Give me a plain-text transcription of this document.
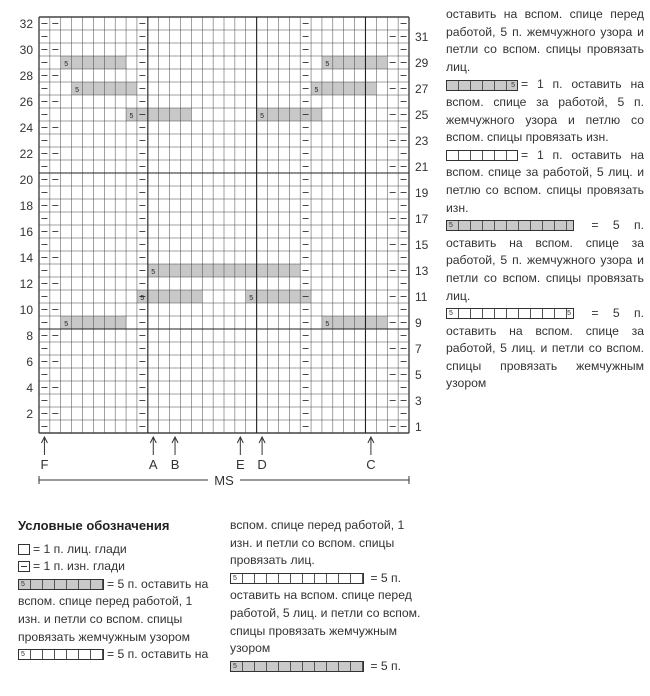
5	5
5	5
5	5
5
5	5
5	5
32
30
28
26
24
22
20
18
16
14
12
10
8
6
4
2
31
29
27
25
23
21
19
17
15
13
11
9
7
5
3
1
F	A B	E D	C
MS

оставить на вспом. спице перед работой, 5 п. жемчужного узора и петли со вспом. спицы провязать лиц.

5 = 1 п. оставить на вспом. спице за работой, 5 п. жемчужного узора и петлю со вспом. спицы провязать изн.

= 1 п. оставить на вспом. спице за работой, 5 лиц. и петлю со вспом. спицы провязать изн.

5	= 5 п. оставить на вспом. спице за работой, 5 п. жемчужного узора и петли со вспом. спицы провязать лиц.

5	5 = 5 п. оставить на вспом. спице за работой, 5 лиц. и петли со вспом. спицы провязать жемчужным узором

Условные обозначения

= 1 п. лиц. глади

= 1 п. изн. глади

5	= 5 п. оставить на вспом. спице перед работой, 1 изн. и петли со вспом. спицы провязать жемчужным узором

5	= 5 п. оставить на

вспом. спице перед работой, 1 изн. и петли со вспом. спицы провязать лиц.

5	= 5 п. оставить на вспом. спице перед работой, 5 лиц. и петли со вспом. спицы провязать жемчужным узором

5	= 5 п.
